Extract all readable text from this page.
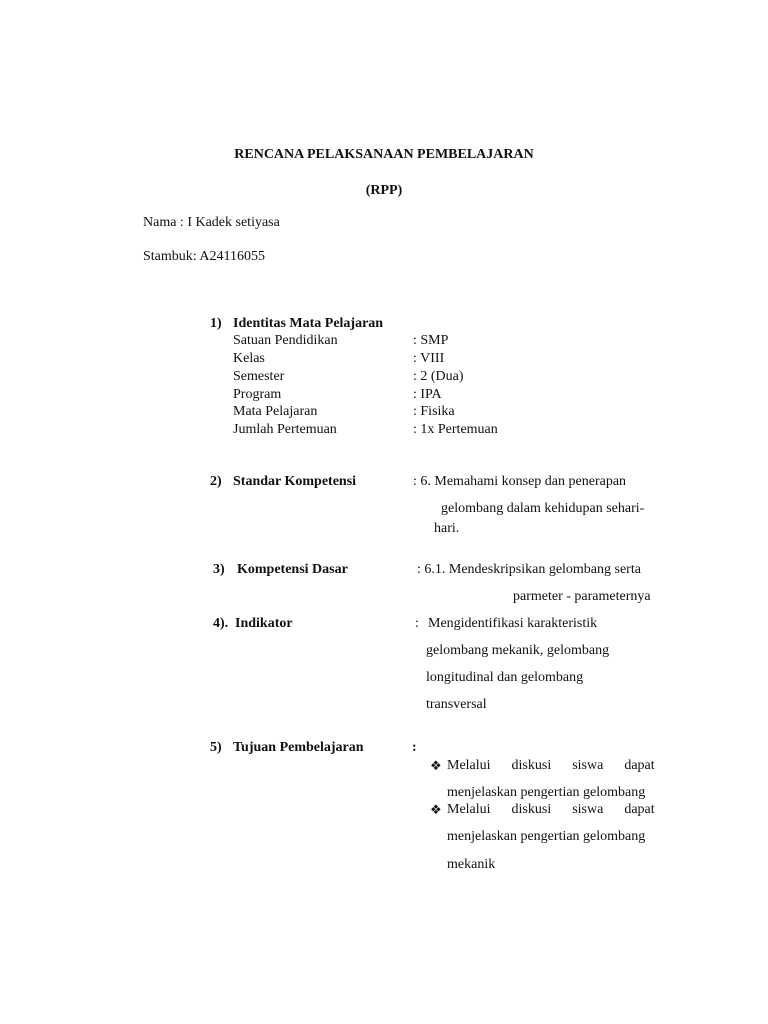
RENCANA PELAKSANAAN PEMBELAJARAN
(RPP)
Nama : I Kadek setiyasa
Stambuk: A24116055
1) Identitas Mata Pelajaran
Satuan Pendidikan	: SMP
Kelas	: VIII
Semester	: 2 (Dua)
Program	: IPA
Mata Pelajaran	: Fisika
Jumlah Pertemuan	: 1x Pertemuan
2) Standar Kompetensi	: 6. Memahami konsep dan penerapan
gelombang dalam kehidupan sehari-
hari.
3) Kompetensi Dasar	: 6.1. Mendeskripsikan gelombang serta
parmeter - parameternya
4). Indikator	: Mengidentifikasi karakteristik
gelombang mekanik, gelombang
longitudinal dan gelombang
transversal
5) Tujuan Pembelajaran	:
❖ Melalui      diskusi      siswa      dapat
menjelaskan pengertian gelombang
❖ Melalui      diskusi      siswa      dapat
menjelaskan pengertian gelombang
mekanik
